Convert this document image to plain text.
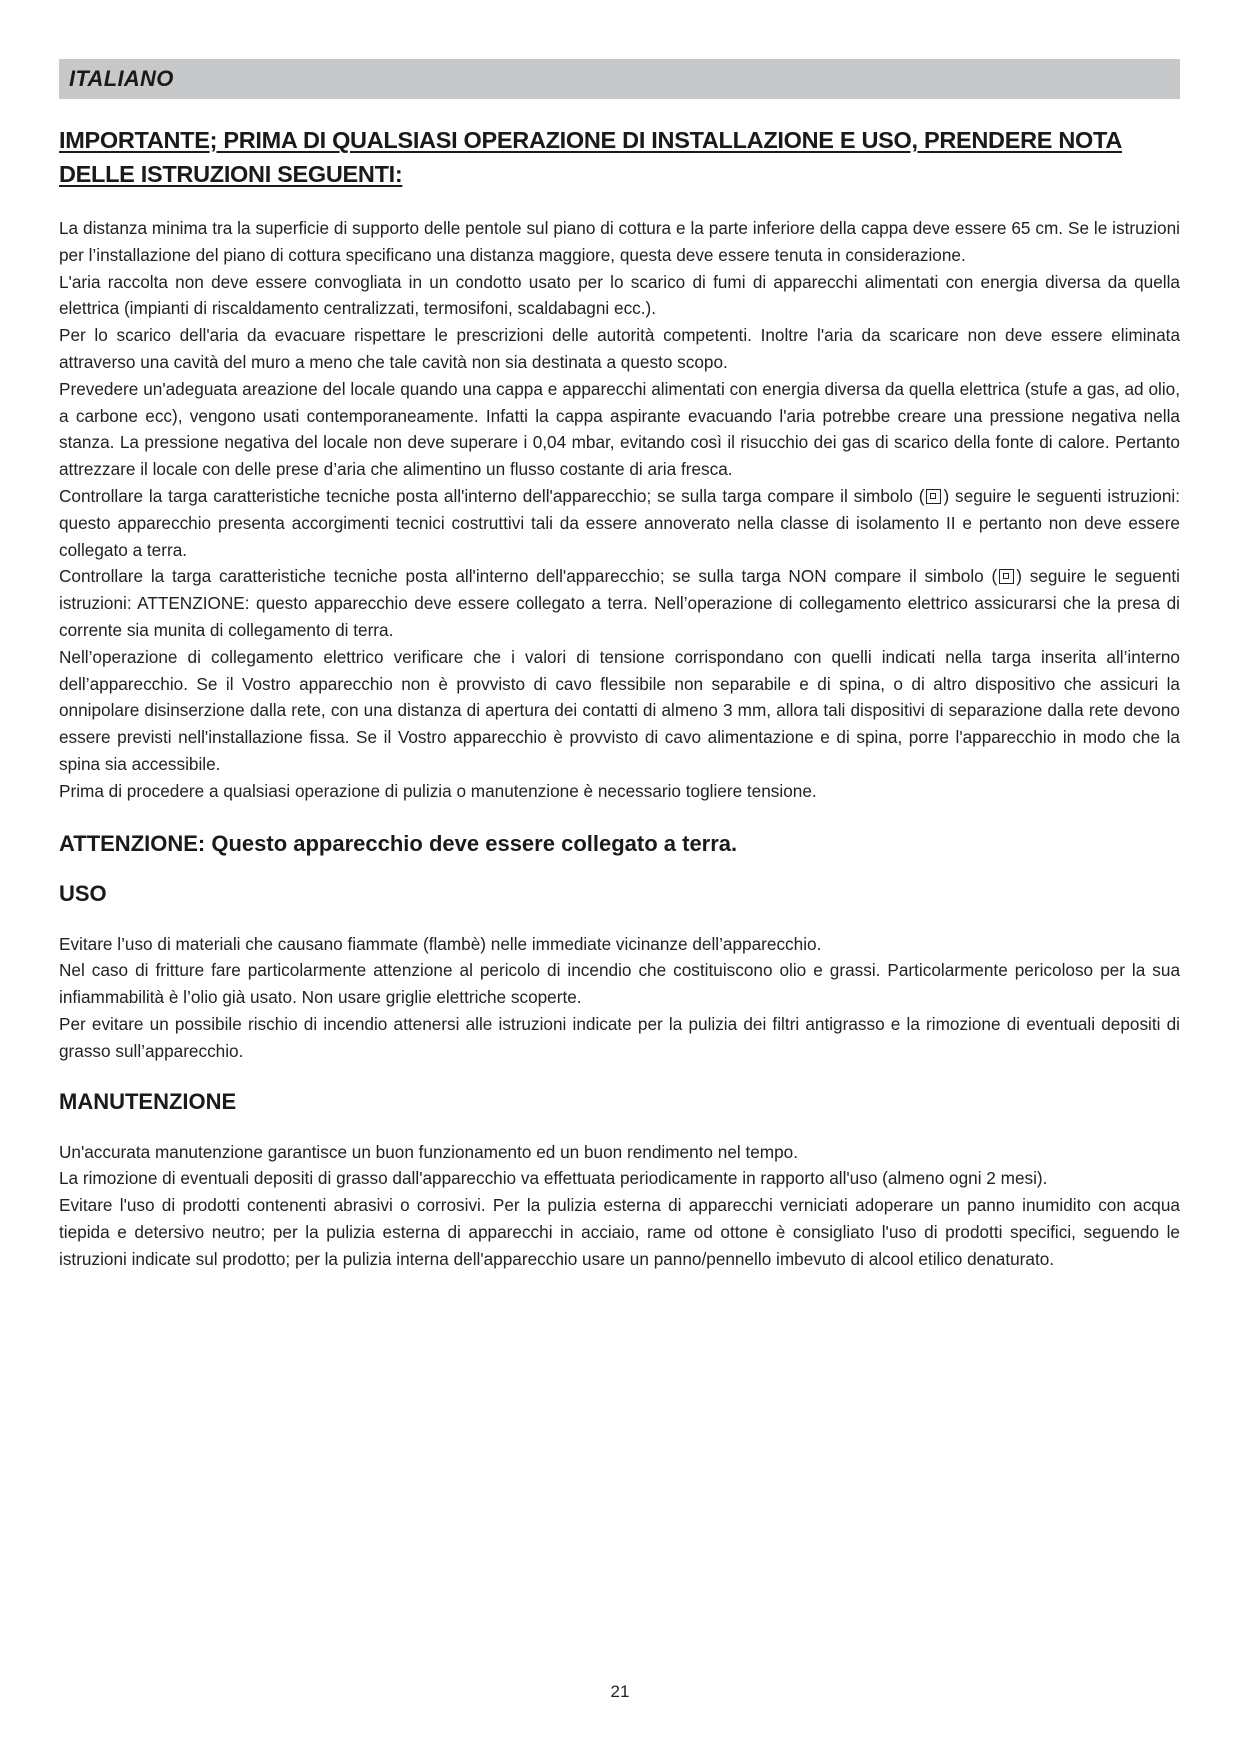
ITALIANO
IMPORTANTE; PRIMA DI QUALSIASI OPERAZIONE DI INSTALLAZIONE E USO, PRENDERE NOTA DELLE ISTRUZIONI SEGUENTI:

La distanza minima tra la superficie di supporto delle pentole sul piano di cottura e la parte inferiore della cappa deve essere 65 cm. Se le istruzioni per l’installazione del piano di cottura specificano una distanza maggiore, questa deve essere tenuta in considerazione.

L'aria raccolta non deve essere convogliata in un condotto usato per lo scarico di fumi di apparecchi alimentati con energia diversa da quella elettrica (impianti di riscaldamento centralizzati, termosifoni, scaldabagni ecc.).

Per lo scarico dell'aria da evacuare rispettare le prescrizioni delle autorità competenti. Inoltre l'aria da scaricare non deve essere eliminata attraverso una cavità del muro a meno che tale cavità non sia destinata a questo scopo.

Prevedere un'adeguata areazione del locale quando una cappa e apparecchi alimentati con energia diversa da quella elettrica (stufe a gas, ad olio, a carbone ecc), vengono usati contemporaneamente. Infatti la cappa aspirante evacuando l'aria potrebbe creare una pressione negativa nella stanza. La pressione negativa del locale non deve superare i 0,04 mbar, evitando così il risucchio dei gas di scarico della fonte di calore. Pertanto attrezzare il locale con delle prese d’aria che alimentino un flusso costante di aria fresca.

Controllare la targa caratteristiche tecniche posta all'interno dell'apparecchio; se sulla targa compare il simbolo ( ) seguire le seguenti istruzioni: questo apparecchio presenta accorgimenti tecnici costruttivi tali da essere annoverato nella classe di isolamento II e pertanto non deve essere collegato a terra.

Controllare la targa caratteristiche tecniche posta all'interno dell'apparecchio; se sulla targa NON compare il simbolo ( ) seguire le seguenti istruzioni: ATTENZIONE: questo apparecchio deve essere collegato a terra. Nell’operazione di collegamento elettrico assicurarsi che la presa di corrente sia munita di collegamento di terra.

Nell’operazione di collegamento elettrico verificare che i valori di tensione corrispondano con quelli indicati nella targa inserita all’interno dell’apparecchio. Se il Vostro apparecchio non è provvisto di cavo flessibile non separabile e di spina, o di altro dispositivo che assicuri la onnipolare disinserzione dalla rete, con una distanza di apertura dei contatti di almeno 3 mm, allora tali dispositivi di separazione dalla rete devono essere previsti nell'installazione fissa. Se il Vostro apparecchio è provvisto di cavo alimentazione e di spina, porre l'apparecchio in modo che la spina sia accessibile.

Prima di procedere a qualsiasi operazione di pulizia o manutenzione è necessario togliere tensione.

ATTENZIONE: Questo apparecchio deve essere collegato a terra.
USO

Evitare l’uso di materiali che causano fiammate (flambè) nelle immediate vicinanze dell’apparecchio.

Nel caso di fritture fare particolarmente attenzione al pericolo di incendio che costituiscono olio e grassi. Particolarmente pericoloso per la sua infiammabilità è l’olio già usato. Non usare griglie elettriche scoperte.

Per evitare un possibile rischio di incendio attenersi alle istruzioni indicate per la pulizia dei filtri antigrasso e la rimozione di eventuali depositi di grasso sull’apparecchio.

MANUTENZIONE

Un'accurata manutenzione garantisce un buon funzionamento ed un buon rendimento nel tempo.

La rimozione di eventuali depositi di grasso dall'apparecchio va effettuata periodicamente in rapporto all'uso (almeno ogni 2 mesi).

Evitare l'uso di prodotti contenenti abrasivi o corrosivi. Per la pulizia esterna di apparecchi verniciati adoperare un panno inumidito con acqua tiepida e detersivo neutro; per la pulizia esterna di apparecchi in acciaio, rame od ottone è consigliato l'uso di prodotti specifici, seguendo le istruzioni indicate sul prodotto; per la pulizia interna dell'apparecchio usare un panno/pennello imbevuto di alcool etilico denaturato.

21
